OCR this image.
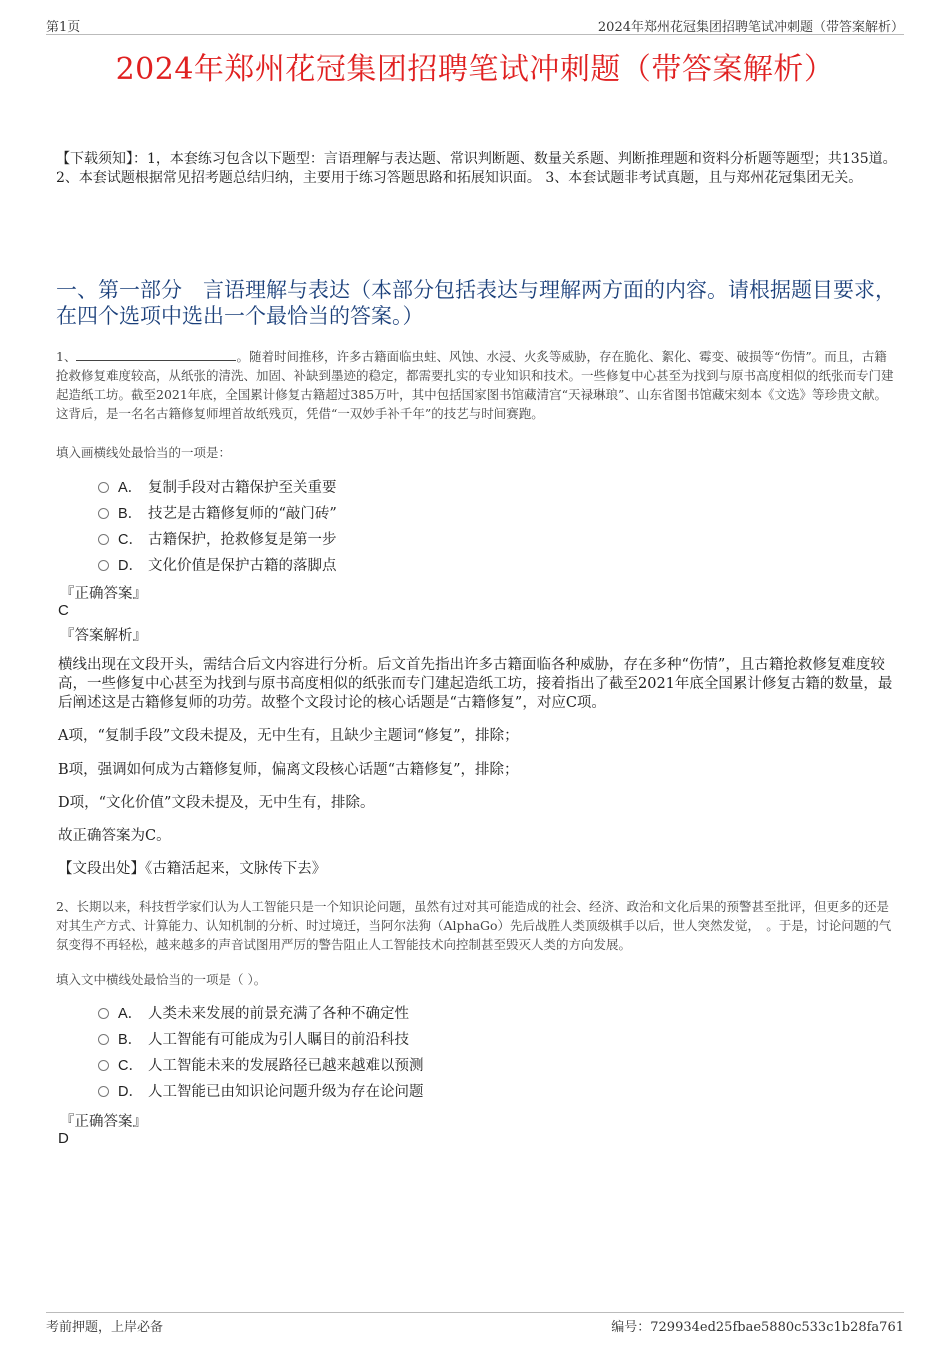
第1页	2024年郑州花冠集团招聘笔试冲刺题（带答案解析）
2024年郑州花冠集团招聘笔试冲刺题（带答案解析）
【下载须知】：1，本套练习包含以下题型：言语理解与表达题、常识判断题、数量关系题、判断推理题和资料分析题等题型；共135道。 2、本套试题根据常见招考题总结归纳，主要用于练习答题思路和拓展知识面。 3、本套试题非考试真题，且与郑州花冠集团无关。
一、第一部分　言语理解与表达（本部分包括表达与理解两方面的内容。请根据题目要求，在四个选项中选出一个最恰当的答案。）
1、	。随着时间推移，许多古籍面临虫蛀、风蚀、水浸、火炙等威胁，存在脆化、絮化、霉变、破损等“伤情”。而且，古籍抢救修复难度较高，从纸张的清洗、加固、补缺到墨迹的稳定，都需要扎实的专业知识和技术。一些修复中心甚至为找到与原书高度相似的纸张而专门建起造纸工坊。截至2021年底，全国累计修复古籍超过385万叶，其中包括国家图书馆藏清宫“天禄琳琅”、山东省图书馆藏宋刻本《文选》等珍贵文献。这背后，是一名名古籍修复师埋首故纸残页，凭借“一双妙手补千年”的技艺与时间赛跑。
填入画横线处最恰当的一项是：
A． 复制手段对古籍保护至关重要
B． 技艺是古籍修复师的“敲门砖”
C． 古籍保护，抢救修复是第一步
D． 文化价值是保护古籍的落脚点
『正确答案』
C
『答案解析』
横线出现在文段开头，需结合后文内容进行分析。后文首先指出许多古籍面临各种威胁，存在多种“伤情”，且古籍抢救修复难度较高，一些修复中心甚至为找到与原书高度相似的纸张而专门建起造纸工坊，接着指出了截至2021年底全国累计修复古籍的数量，最后阐述这是古籍修复师的功劳。故整个文段讨论的核心话题是“古籍修复”，对应C项。
A项，“复制手段”文段未提及，无中生有，且缺少主题词“修复”，排除；
B项，强调如何成为古籍修复师，偏离文段核心话题“古籍修复”，排除；
D项，“文化价值”文段未提及，无中生有，排除。
故正确答案为C。
【文段出处】《古籍活起来，文脉传下去》
2、长期以来，科技哲学家们认为人工智能只是一个知识论问题，虽然有过对其可能造成的社会、经济、政治和文化后果的预警甚至批评，但更多的还是对其生产方式、计算能力、认知机制的分析、时过境迁，当阿尔法狗（AlphaGo）先后战胜人类顶级棋手以后，世人突然发觉，　。于是，讨论问题的气氛变得不再轻松，越来越多的声音试图用严厉的警告阻止人工智能技术向控制甚至毁灭人类的方向发展。
填入文中横线处最恰当的一项是（ ）。
A． 人类未来发展的前景充满了各种不确定性
B． 人工智能有可能成为引人瞩目的前沿科技
C． 人工智能未来的发展路径已越来越难以预测
D． 人工智能已由知识论问题升级为存在论问题
『正确答案』
D
考前押题，上岸必备	编号：729934ed25fbae5880c533c1b28fa761
